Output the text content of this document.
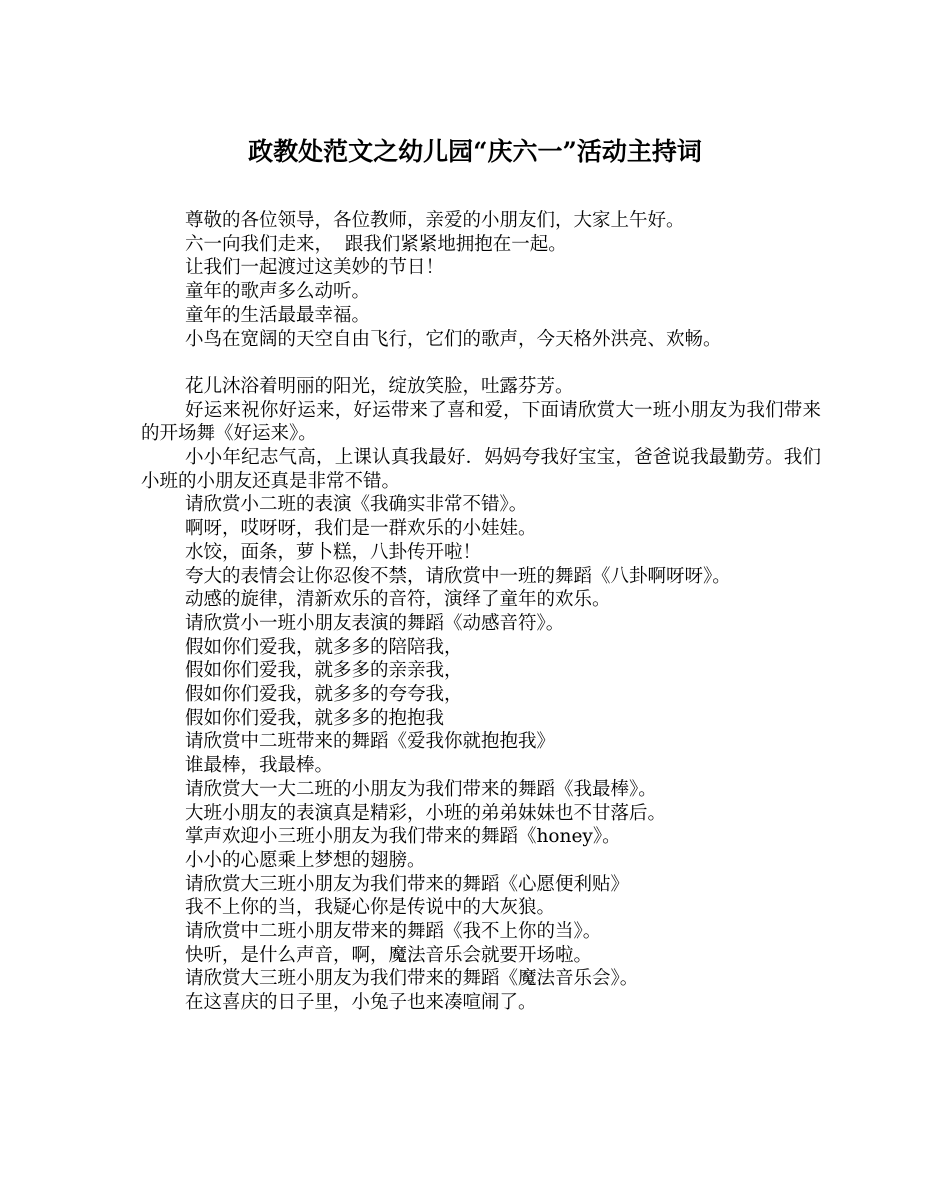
政教处范文之幼儿园“庆六一”活动主持词

尊敬的各位领导，各位教师，亲爱的小朋友们，大家上午好。

六一向我们走来，  跟我们紧紧地拥抱在一起。

让我们一起渡过这美妙的节日！

童年的歌声多么动听。

童年的生活最最幸福。

小鸟在宽阔的天空自由飞行，它们的歌声，今天格外洪亮、欢畅。

花儿沐浴着明丽的阳光，绽放笑脸，吐露芬芳。

好运来祝你好运来，好运带来了喜和爱，下面请欣赏大一班小朋友为我们带来的开场舞《好运来》。

小小年纪志气高，上课认真我最好．妈妈夸我好宝宝，爸爸说我最勤劳。我们小班的小朋友还真是非常不错。

请欣赏小二班的表演《我确实非常不错》。

啊呀，哎呀呀，我们是一群欢乐的小娃娃。

水饺，面条，萝卜糕，八卦传开啦！

夸大的表情会让你忍俊不禁，请欣赏中一班的舞蹈《八卦啊呀呀》。

动感的旋律，清新欢乐的音符，演绎了童年的欢乐。

请欣赏小一班小朋友表演的舞蹈《动感音符》。

假如你们爱我，就多多的陪陪我，

假如你们爱我，就多多的亲亲我，

假如你们爱我，就多多的夸夸我，

假如你们爱我，就多多的抱抱我

请欣赏中二班带来的舞蹈《爱我你就抱抱我》

谁最棒，我最棒。

请欣赏大一大二班的小朋友为我们带来的舞蹈《我最棒》。

大班小朋友的表演真是精彩，小班的弟弟妹妹也不甘落后。

掌声欢迎小三班小朋友为我们带来的舞蹈《honey》。

小小的心愿乘上梦想的翅膀。

请欣赏大三班小朋友为我们带来的舞蹈《心愿便利贴》

我不上你的当，我疑心你是传说中的大灰狼。

请欣赏中二班小朋友带来的舞蹈《我不上你的当》。

快听，是什么声音，啊，魔法音乐会就要开场啦。

请欣赏大三班小朋友为我们带来的舞蹈《魔法音乐会》。

在这喜庆的日子里，小兔子也来凑喧闹了。
